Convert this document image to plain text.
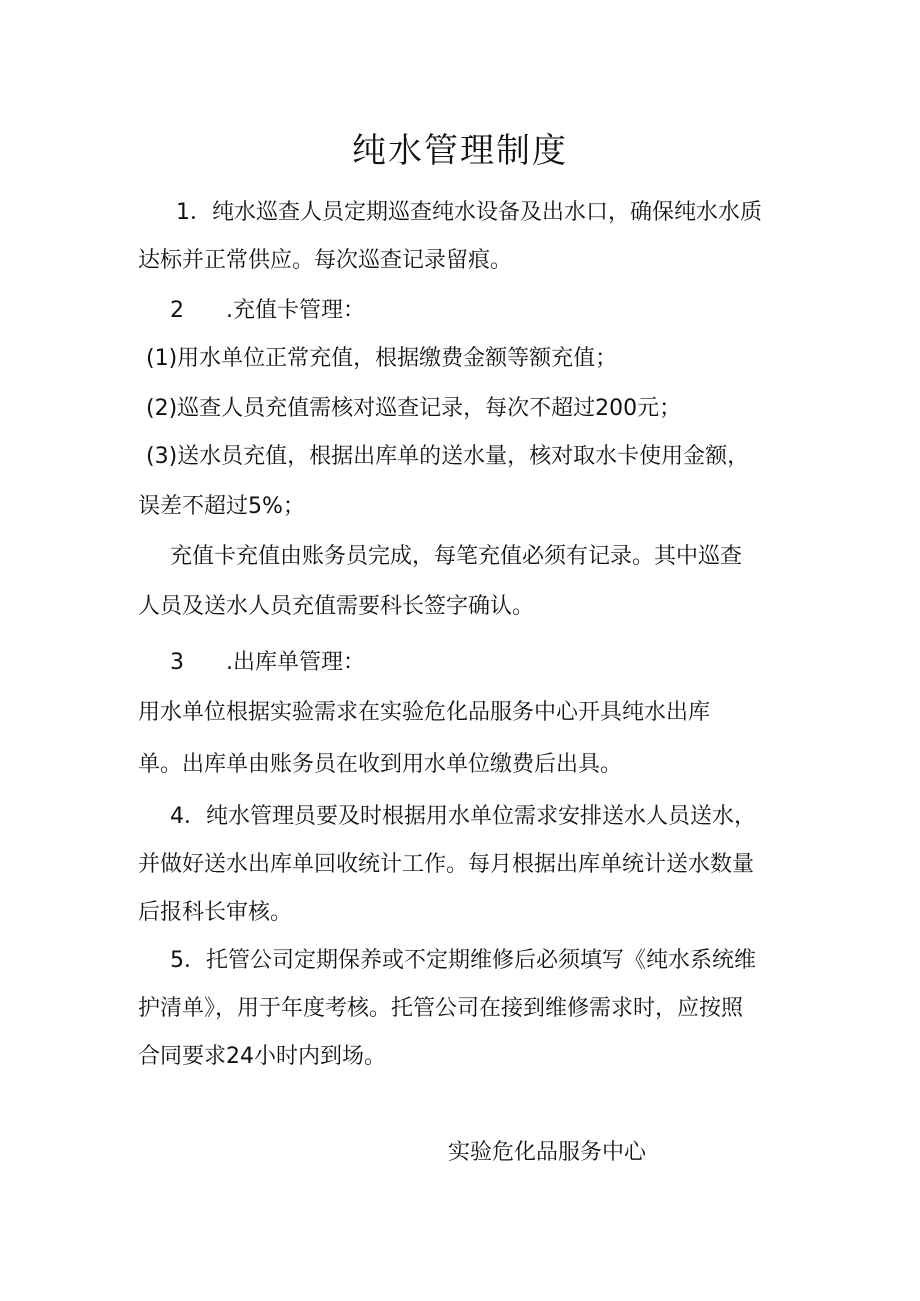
纯水管理制度
1．纯水巡查人员定期巡查纯水设备及出水口，确保纯水水质
达标并正常供应。每次巡查记录留痕。
2 .充值卡管理：
(1)用水单位正常充值，根据缴费金额等额充值；
(2)巡查人员充值需核对巡查记录，每次不超过200元；
(3)送水员充值，根据出库单的送水量，核对取水卡使用金额，
误差不超过5%；
充值卡充值由账务员完成，每笔充值必须有记录。其中巡查
人员及送水人员充值需要科长签字确认。
3 .出库单管理：
用水单位根据实验需求在实验危化品服务中心开具纯水出库
单。出库单由账务员在收到用水单位缴费后出具。
4．纯水管理员要及时根据用水单位需求安排送水人员送水，
并做好送水出库单回收统计工作。每月根据出库单统计送水数量
后报科长审核。
5．托管公司定期保养或不定期维修后必须填写《纯水系统维
护清单》，用于年度考核。托管公司在接到维修需求时，应按照
合同要求24小时内到场。
实验危化品服务中心
